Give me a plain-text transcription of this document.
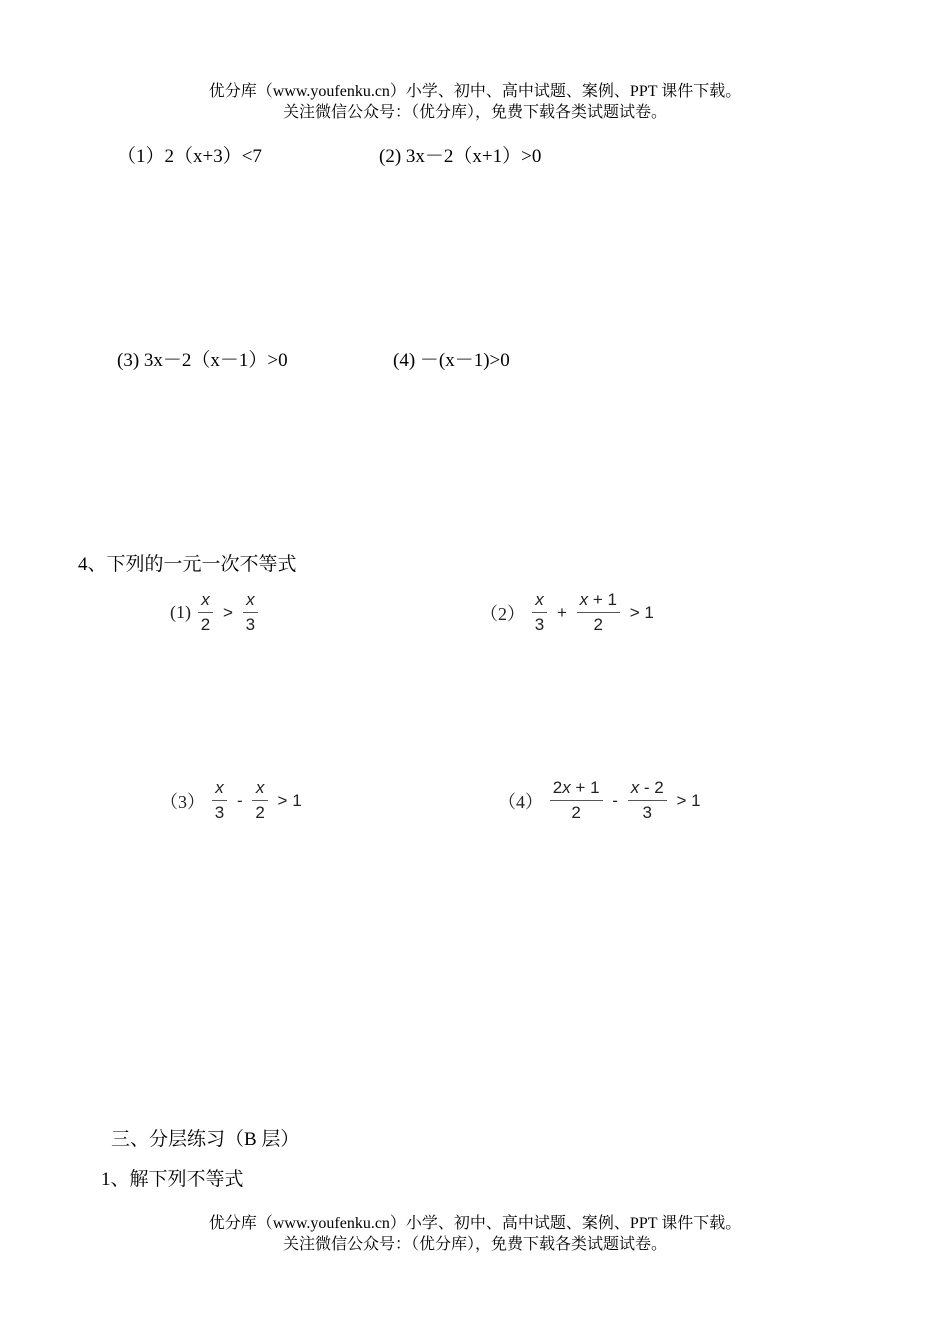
优分库（www.youfenku.cn）小学、初中、高中试题、案例、PPT 课件下载。
关注微信公众号：（优分库），免费下载各类试题试卷。
（1）2（x+3）<7	(2) 3x－2（x+1）>0
(3) 3x－2（x－1）>0	(4) －(x－1)>0
4、下列的一元一次不等式
$(1) \frac{x}{2} > \frac{x}{3}$	$(2) \frac{x}{3} + \frac{x + 1}{2} > 1$
$(3) \frac{x}{3} - \frac{x}{2} > 1$	$(4) \frac{2x + 1}{2} - \frac{x - 2}{3} > 1$
三、分层练习（B 层）
1、解下列不等式
优分库（www.youfenku.cn）小学、初中、高中试题、案例、PPT 课件下载。
关注微信公众号：（优分库），免费下载各类试题试卷。
